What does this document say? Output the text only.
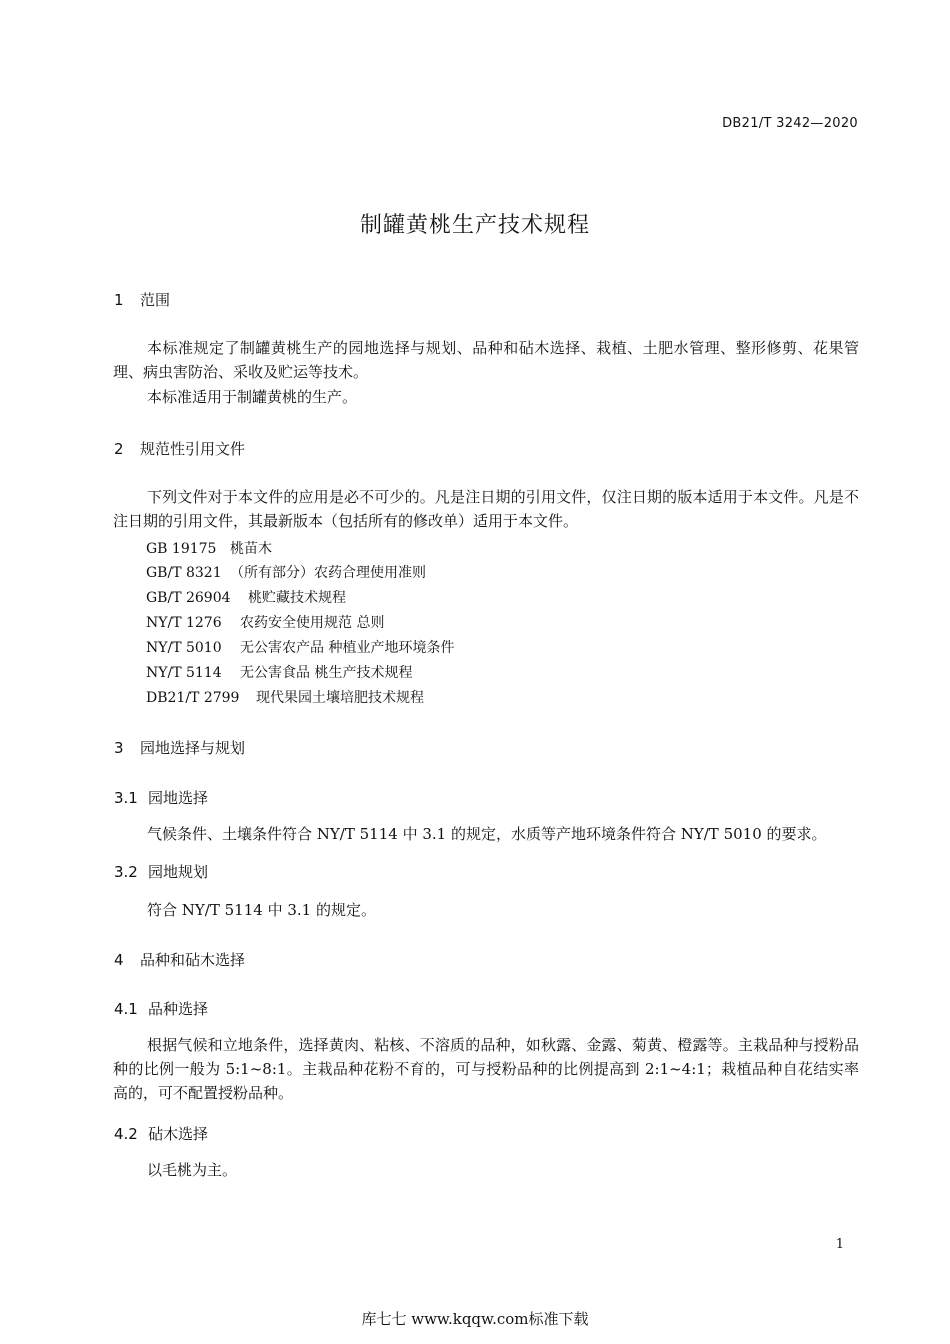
DB21/T 3242—2020
制罐黄桃生产技术规程
1 范围
本标准规定了制罐黄桃生产的园地选择与规划、品种和砧木选择、栽植、土肥水管理、整形修剪、花果管理、病虫害防治、采收及贮运等技术。
本标准适用于制罐黄桃的生产。
2 规范性引用文件
下列文件对于本文件的应用是必不可少的。凡是注日期的引用文件，仅注日期的版本适用于本文件。凡是不注日期的引用文件，其最新版本（包括所有的修改单）适用于本文件。
GB 19175 桃苗木
GB/T 8321 （所有部分）农药合理使用准则
GB/T 26904 桃贮藏技术规程
NY/T 1276 农药安全使用规范 总则
NY/T 5010 无公害农产品 种植业产地环境条件
NY/T 5114 无公害食品 桃生产技术规程
DB21/T 2799 现代果园土壤培肥技术规程
3 园地选择与规划
3.1 园地选择
气候条件、土壤条件符合 NY/T 5114 中 3.1 的规定，水质等产地环境条件符合 NY/T 5010 的要求。
3.2 园地规划
符合 NY/T 5114 中 3.1 的规定。
4 品种和砧木选择
4.1 品种选择
根据气候和立地条件，选择黄肉、粘核、不溶质的品种，如秋露、金露、菊黄、橙露等。主栽品种与授粉品种的比例一般为 5:1~8:1。主栽品种花粉不育的，可与授粉品种的比例提高到 2:1~4:1；栽植品种自花结实率高的，可不配置授粉品种。
4.2 砧木选择
以毛桃为主。
1
库七七 www.kqqw.com标准下载
